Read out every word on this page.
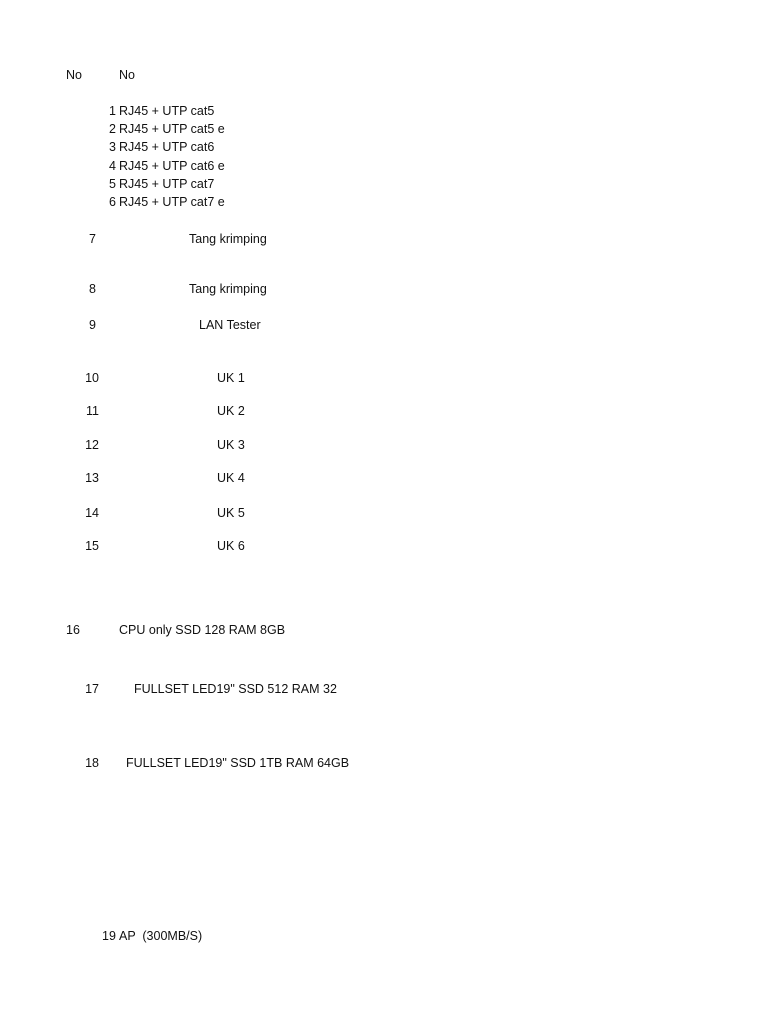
No	No
1 RJ45 + UTP cat5
2 RJ45 + UTP cat5 e
3 RJ45 + UTP cat6
4 RJ45 + UTP cat6 e
5 RJ45 + UTP cat7
6 RJ45 + UTP cat7 e
7	Tang krimping
8	Tang krimping
9	LAN Tester
10	UK 1
11	UK 2
12	UK 3
13	UK 4
14	UK 5
15	UK 6
16	CPU only SSD 128 RAM 8GB
17	FULLSET LED19" SSD 512 RAM 32
18 FULLSET LED19" SSD 1TB RAM 64GB
19 AP  (300MB/S)
